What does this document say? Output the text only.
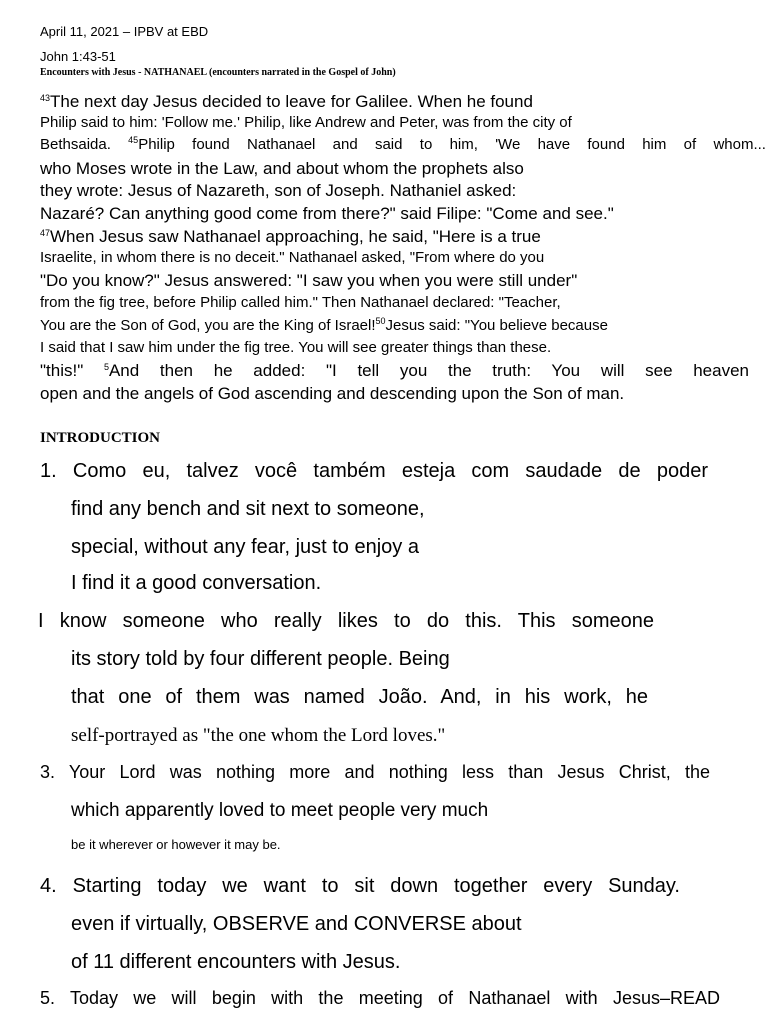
April 11, 2021 – IPBV at EBD
John 1:43-51
Encounters with Jesus - NATHANAEL (encounters narrated in the Gospel of John)
$^{43}$The next day Jesus decided to leave for Galilee. When he found
Philip said to him: 'Follow me.' Philip, like Andrew and Peter, was from the city of
Bethsaida. $^{45}$Philip found Nathanael and said to him, 'We have found him of whom...
who Moses wrote in the Law, and about whom the prophets also
they wrote: Jesus of Nazareth, son of Joseph. Nathaniel asked:
Nazaré? Can anything good come from there?" said Filipe: "Come and see."
$^{47}$When Jesus saw Nathanael approaching, he said, "Here is a true
Israelite, in whom there is no deceit." Nathanael asked, "From where do you
"Do you know?" Jesus answered: "I saw you when you were still under"
from the fig tree, before Philip called him." Then Nathanael declared: "Teacher,
You are the Son of God, you are the King of Israel!$^{50}$Jesus said: "You believe because
I said that I saw him under the fig tree. You will see greater things than these.
"this!" $^5$And then he added: "I tell you the truth: You will see heaven
open and the angels of God ascending and descending upon the Son of man.
INTRODUCTION
1. Como eu, talvez você também esteja com saudade de poder
find any bench and sit next to someone,
special, without any fear, just to enjoy a
I find it a good conversation.
I know someone who really likes to do this. This someone
its story told by four different people. Being
that one of them was named João. And, in his work, he
self-portrayed as "the one whom the Lord loves."
3. Your Lord was nothing more and nothing less than Jesus Christ, the
which apparently loved to meet people very much
be it wherever or however it may be.
4. Starting today we want to sit down together every Sunday.
even if virtually, OBSERVE and CONVERSE about
of 11 different encounters with Jesus.
5. Today we will begin with the meeting of Nathanael with Jesus–READ
